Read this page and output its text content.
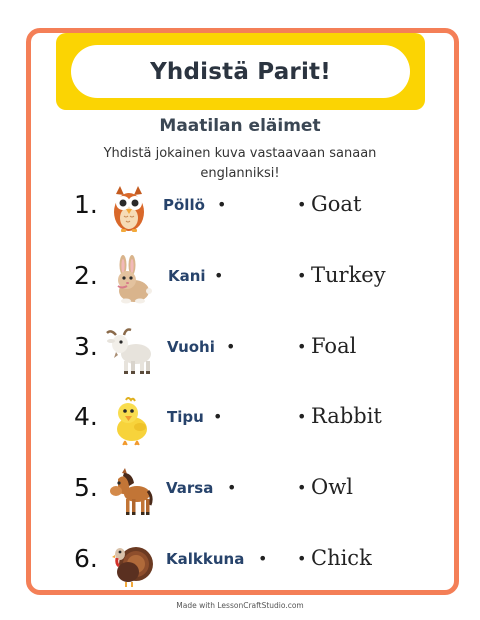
Yhdistä Parit!
Maatilan eläimet
Yhdistä jokainen kuva vastaavaan sanaan englanniksi!
1.	Pöllö •	• Goat
2.	Kani •	• Turkey
3.	Vuohi •	• Foal
4.	Tipu •	• Rabbit
5.	Varsa •	• Owl
6.	Kalkkuna • • Chick
Made with LessonCraftStudio.com
